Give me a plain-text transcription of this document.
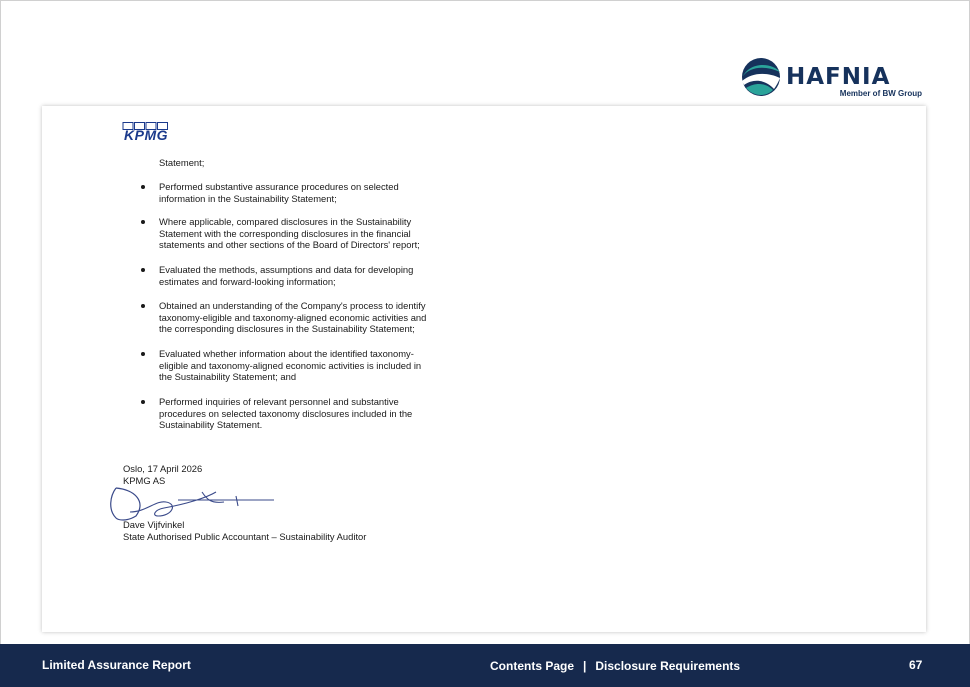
HAFNIA
Member of BW Group
KPMG
Statement;
Performed substantive assurance procedures on selected
information in the Sustainability Statement;
Where applicable, compared disclosures in the Sustainability
Statement with the corresponding disclosures in the financial
statements and other sections of the Board of Directors' report;
Evaluated the methods, assumptions and data for developing
estimates and forward-looking information;
Obtained an understanding of the Company's process to identify
taxonomy-eligible and taxonomy-aligned economic activities and
the corresponding disclosures in the Sustainability Statement;
Evaluated whether information about the identified taxonomy-
eligible and taxonomy-aligned economic activities is included in
the Sustainability Statement; and
Performed inquiries of relevant personnel and substantive
procedures on selected taxonomy disclosures included in the
Sustainability Statement.
Oslo, 17 April 2026
KPMG AS
Dave Vijfvinkel
State Authorised Public Accountant – Sustainability Auditor
Limited Assurance Report	Contents Page | Disclosure Requirements	67
